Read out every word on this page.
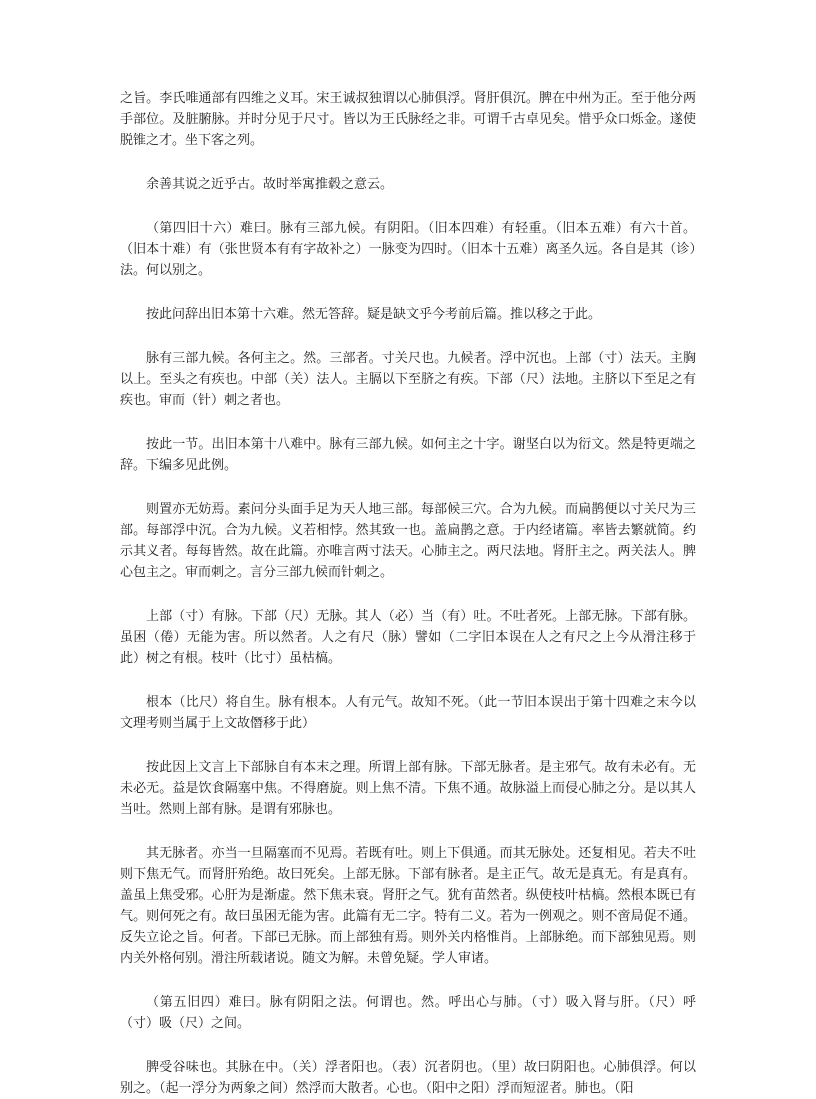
之旨。李氏唯通部有四维之义耳。宋王诚叔独谓以心肺俱浮。肾肝俱沉。脾在中州为正。至于他分两手部位。及脏腑脉。并时分见于尺寸。皆以为王氏脉经之非。可谓千古卓见矣。惜乎众口烁金。遂使脱锥之才。坐下客之列。

余善其说之近乎古。故时举寓推毂之意云。

（第四旧十六）难曰。脉有三部九候。有阴阳。（旧本四难）有轻重。（旧本五难）有六十首。（旧本十难）有（张世贤本有有字故补之）一脉变为四时。（旧本十五难）离圣久远。各自是其（诊）法。何以别之。

按此问辞出旧本第十六难。然无答辞。疑是缺文乎今考前后篇。推以移之于此。

脉有三部九候。各何主之。然。三部者。寸关尺也。九候者。浮中沉也。上部（寸）法天。主胸以上。至头之有疾也。中部（关）法人。主膈以下至脐之有疾。下部（尺）法地。主脐以下至足之有疾也。审而（针）刺之者也。

按此一节。出旧本第十八难中。脉有三部九候。如何主之十字。谢坚白以为衍文。然是特更端之辞。下编多见此例。

则置亦无妨焉。素问分头面手足为天人地三部。每部候三穴。合为九候。而扁鹊便以寸关尺为三部。每部浮中沉。合为九候。义若相悖。然其致一也。盖扁鹊之意。于内经诸篇。率皆去繁就简。约示其义者。每每皆然。故在此篇。亦唯言两寸法天。心肺主之。两尺法地。肾肝主之。两关法人。脾心包主之。审而刺之。言分三部九候而针刺之。

上部（寸）有脉。下部（尺）无脉。其人（必）当（有）吐。不吐者死。上部无脉。下部有脉。虽困（倦）无能为害。所以然者。人之有尺（脉）譬如（二字旧本误在人之有尺之上今从滑注移于此）树之有根。枝叶（比寸）虽枯槁。

根本（比尺）将自生。脉有根本。人有元气。故知不死。（此一节旧本误出于第十四难之末今以文理考则当属于上文故僭移于此）

按此因上文言上下部脉自有本末之理。所谓上部有脉。下部无脉者。是主邪气。故有未必有。无未必无。益是饮食隔塞中焦。不得磨旋。则上焦不清。下焦不通。故脉溢上而侵心肺之分。是以其人当吐。然则上部有脉。是谓有邪脉也。

其无脉者。亦当一旦隔塞而不见焉。若既有吐。则上下俱通。而其无脉处。还复相见。若夫不吐则下焦无气。而肾肝殆绝。故曰死矣。上部无脉。下部有脉者。是主正气。故无是真无。有是真有。盖虽上焦受邪。心肝为是渐虚。然下焦未衰。肾肝之气。犹有苗然者。纵使枝叶枯槁。然根本既已有气。则何死之有。故曰虽困无能为害。此篇有无二字。特有二义。若为一例观之。则不啻局促不通。反失立论之旨。何者。下部已无脉。而上部独有焉。则外关内格惟肖。上部脉绝。而下部独见焉。则内关外格何别。滑注所载诸说。随文为解。未曾免疑。学人审诸。

（第五旧四）难曰。脉有阴阳之法。何谓也。然。呼出心与肺。（寸）吸入肾与肝。（尺）呼（寸）吸（尺）之间。

脾受谷味也。其脉在中。（关）浮者阳也。（表）沉者阴也。（里）故曰阴阳也。心肺俱浮。何以别之。（起一浮分为两象之间）然浮而大散者。心也。（阳中之阳）浮而短涩者。肺也。（阳
